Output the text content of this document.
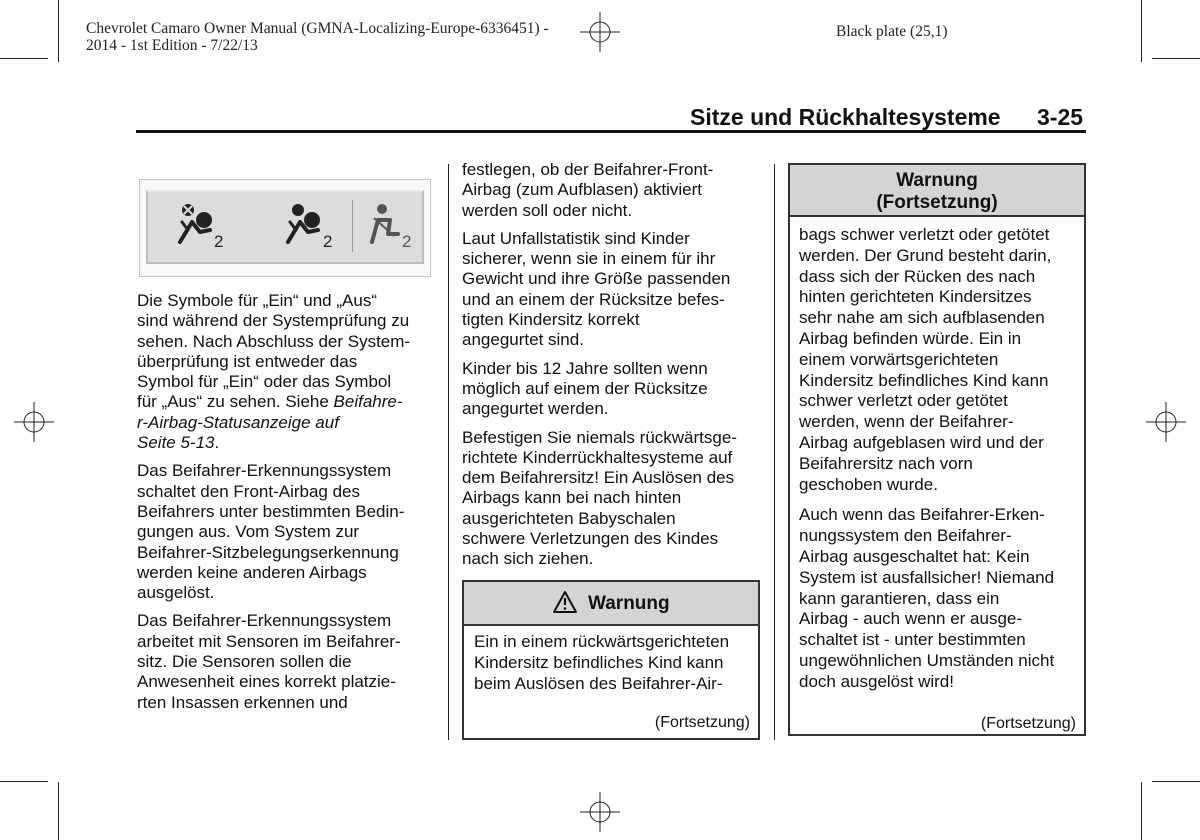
Chevrolet Camaro Owner Manual (GMNA-Localizing-Europe-6336451) -
2014 - 1st Edition - 7/22/13
Black plate (25,1)
Sitze und Rückhaltesysteme 3-25
2	2	2

Die Symbole für „Ein“ und „Aus“
sind während der Systemprüfung zu
sehen. Nach Abschluss der System‐
überprüfung ist entweder das
Symbol für „Ein“ oder das Symbol
für „Aus“ zu sehen. Siehe Beifahre‐
r-Airbag-Statusanzeige auf
Seite 5‑13.

Das Beifahrer-Erkennungssystem
schaltet den Front-Airbag des
Beifahrers unter bestimmten Bedin‐
gungen aus. Vom System zur
Beifahrer-Sitzbelegungserkennung
werden keine anderen Airbags
ausgelöst.

Das Beifahrer-Erkennungssystem
arbeitet mit Sensoren im Beifahrer‐
sitz. Die Sensoren sollen die
Anwesenheit eines korrekt platzie‐
rten Insassen erkennen und

festlegen, ob der Beifahrer-Front-
Airbag (zum Aufblasen) aktiviert
werden soll oder nicht.

Laut Unfallstatistik sind Kinder
sicherer, wenn sie in einem für ihr
Gewicht und ihre Größe passenden
und an einem der Rücksitze befes‐
tigten Kindersitz korrekt
angegurtet sind.

Kinder bis 12 Jahre sollten wenn
möglich auf einem der Rücksitze
angegurtet werden.

Befestigen Sie niemals rückwärtsge‐
richtete Kinderrückhaltesysteme auf
dem Beifahrersitz! Ein Auslösen des
Airbags kann bei nach hinten
ausgerichteten Babyschalen
schwere Verletzungen des Kindes
nach sich ziehen.

Warnung

Ein in einem rückwärtsgerichteten
Kindersitz befindliches Kind kann
beim Auslösen des Beifahrer-Air‐

(Fortsetzung)
Warnung
(Fortsetzung)

bags schwer verletzt oder getötet
werden. Der Grund besteht darin,
dass sich der Rücken des nach
hinten gerichteten Kindersitzes
sehr nahe am sich aufblasenden
Airbag befinden würde. Ein in
einem vorwärtsgerichteten
Kindersitz befindliches Kind kann
schwer verletzt oder getötet
werden, wenn der Beifahrer-
Airbag aufgeblasen wird und der
Beifahrersitz nach vorn
geschoben wurde.

Auch wenn das Beifahrer-Erken‐
nungssystem den Beifahrer-
Airbag ausgeschaltet hat: Kein
System ist ausfallsicher! Niemand
kann garantieren, dass ein
Airbag - auch wenn er ausge‐
schaltet ist - unter bestimmten
ungewöhnlichen Umständen nicht
doch ausgelöst wird!

(Fortsetzung)
